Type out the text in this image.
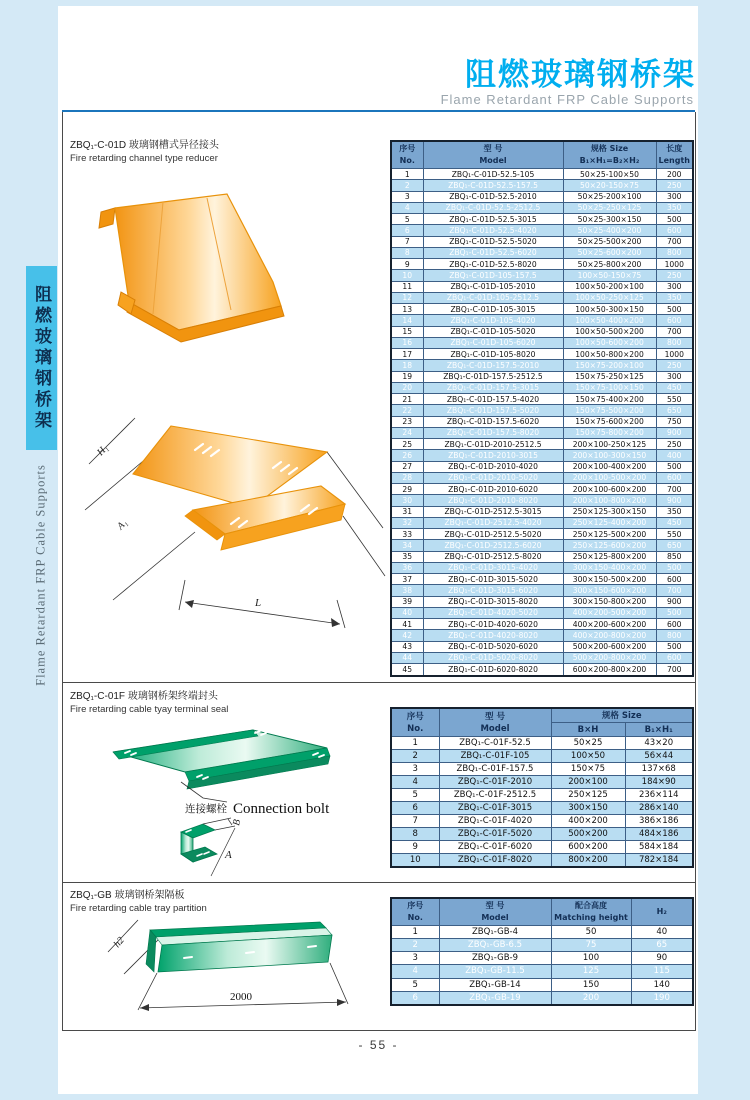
阻燃玻璃钢桥架
Flame Retardant FRP Cable Supports
阻燃玻璃钢桥架
Flame Retardant FRP Cable Supports
ZBQ₁-C-01D 玻璃钢槽式异径接头
Fire retarding channel type reducer
H₁
A₁
L
序号
No.	型 号
Model	规格 Size
B₁×H₁=B₂×H₂	长度
Length

1	ZBQ₁-C-01D-52.5-105	50×25-100×50	200
2	ZBQ₁-C-01D-52.5-157.5	50×20-150×75	250
3	ZBQ₁-C-01D-52.5-2010	50×25-200×100	300
4	ZBQ₁-C-01D-52.5-2512.5	50×25-250×125	350
5	ZBQ₁-C-01D-52.5-3015	50×25-300×150	500
6	ZBQ₁-C-01D-52.5-4020	50×25-400×200	600
7	ZBQ₁-C-01D-52.5-5020	50×25-500×200	700
8	ZBQ₁-C-01D-52.5-6020	50×25-600×200	800
9	ZBQ₁-C-01D-52.5-8020	50×25-800×200	1000
10	ZBQ₁-C-01D-105-157.5	100×50-150×75	250
11	ZBQ₁-C-01D-105-2010	100×50-200×100	300
12	ZBQ₁-C-01D-105-2512.5	100×50-250×125	350
13	ZBQ₁-C-01D-105-3015	100×50-300×150	500
14	ZBQ₁-C-01D-105-4020	100×50-400×200	600
15	ZBQ₁-C-01D-105-5020	100×50-500×200	700
16	ZBQ₁-C-01D-105-6020	100×50-600×200	800
17	ZBQ₁-C-01D-105-8020	100×50-800×200	1000
18	ZBQ₁-C-01D-157.5-2010	150×75-200×100	250
19	ZBQ₁-C-01D-157.5-2512.5	150×75-250×125	300
20	ZBQ₁-C-01D-157.5-3015	150×75-100×150	450
21	ZBQ₁-C-01D-157.5-4020	150×75-400×200	550
22	ZBQ₁-C-01D-157.5-5020	150×75-500×200	650
23	ZBQ₁-C-01D-157.5-6020	150×75-600×200	750
24	ZBQ₁-C-01D-157.5-8020	150×75-800×200	900
25	ZBQ₁-C-01D-2010-2512.5	200×100-250×125	250
26	ZBQ₁-C-01D-2010-3015	200×100-300×150	400
27	ZBQ₁-C-01D-2010-4020	200×100-400×200	500
28	ZBQ₁-C-01D-2010-5020	200×100-500×200	600
29	ZBQ₁-C-01D-2010-6020	200×100-600×200	700
30	ZBQ₁-C-01D-2010-8020	200×100-800×200	900
31	ZBQ₁-C-01D-2512.5-3015	250×125-300×150	350
32	ZBQ₁-C-01D-2512.5-4020	250×125-400×200	450
33	ZBQ₁-C-01D-2512.5-5020	250×125-500×200	550
34	ZBQ₁-C-01D-2512.5-6020	250×125-600×200	650
35	ZBQ₁-C-01D-2512.5-8020	250×125-800×200	850
36	ZBQ₁-C-01D-3015-4020	300×150-400×200	500
37	ZBQ₁-C-01D-3015-5020	300×150-500×200	600
38	ZBQ₁-C-01D-3015-6020	300×150-600×200	700
39	ZBQ₁-C-01D-3015-8020	300×150-800×200	900
40	ZBQ₁-C-01D-4020-5020	400×200-500×200	500
41	ZBQ₁-C-01D-4020-6020	400×200-600×200	600
42	ZBQ₁-C-01D-4020-8020	400×200-800×200	800
43	ZBQ₁-C-01D-5020-6020	500×200-600×200	500
44	ZBQ₁-C-01D-5020-8020	500×200-800×200	600
45	ZBQ₁-C-01D-6020-8020	600×200-800×200	700
ZBQ₁-C-01F 玻璃钢桥架终端封头
Fire retarding cable tyay terminal seal
连接螺栓 Connection bolt
B
A
序号
No.	型 号
Model	规格 Size	
		B×H	B₁×H₁
1	ZBQ₁-C-01F-52.5	50×25	43×20
2	ZBQ₁-C-01F-105	100×50	56×44
3	ZBQ₁-C-01F-157.5	150×75	137×68
4	ZBQ₁-C-01F-2010	200×100	184×90
5	ZBQ₁-C-01F-2512.5	250×125	236×114
6	ZBQ₁-C-01F-3015	300×150	286×140
7	ZBQ₁-C-01F-4020	400×200	386×186
8	ZBQ₁-C-01F-5020	500×200	484×186
9	ZBQ₁-C-01F-6020	600×200	584×184
10	ZBQ₁-C-01F-8020	800×200	782×184
ZBQ₁-GB 玻璃钢桥架隔板
Fire retarding cable tray partition
h2
2000
序号
No.	型 号
Model	配合高度
Matching height	H₂
1	ZBQ₁-GB-4	50	40
2	ZBQ₁-GB-6.5	75	65
3	ZBQ₁-GB-9	100	90
4	ZBQ₁-GB-11.5	125	115
5	ZBQ₁-GB-14	150	140
6	ZBQ₁-GB-19	200	190
- 55 -
